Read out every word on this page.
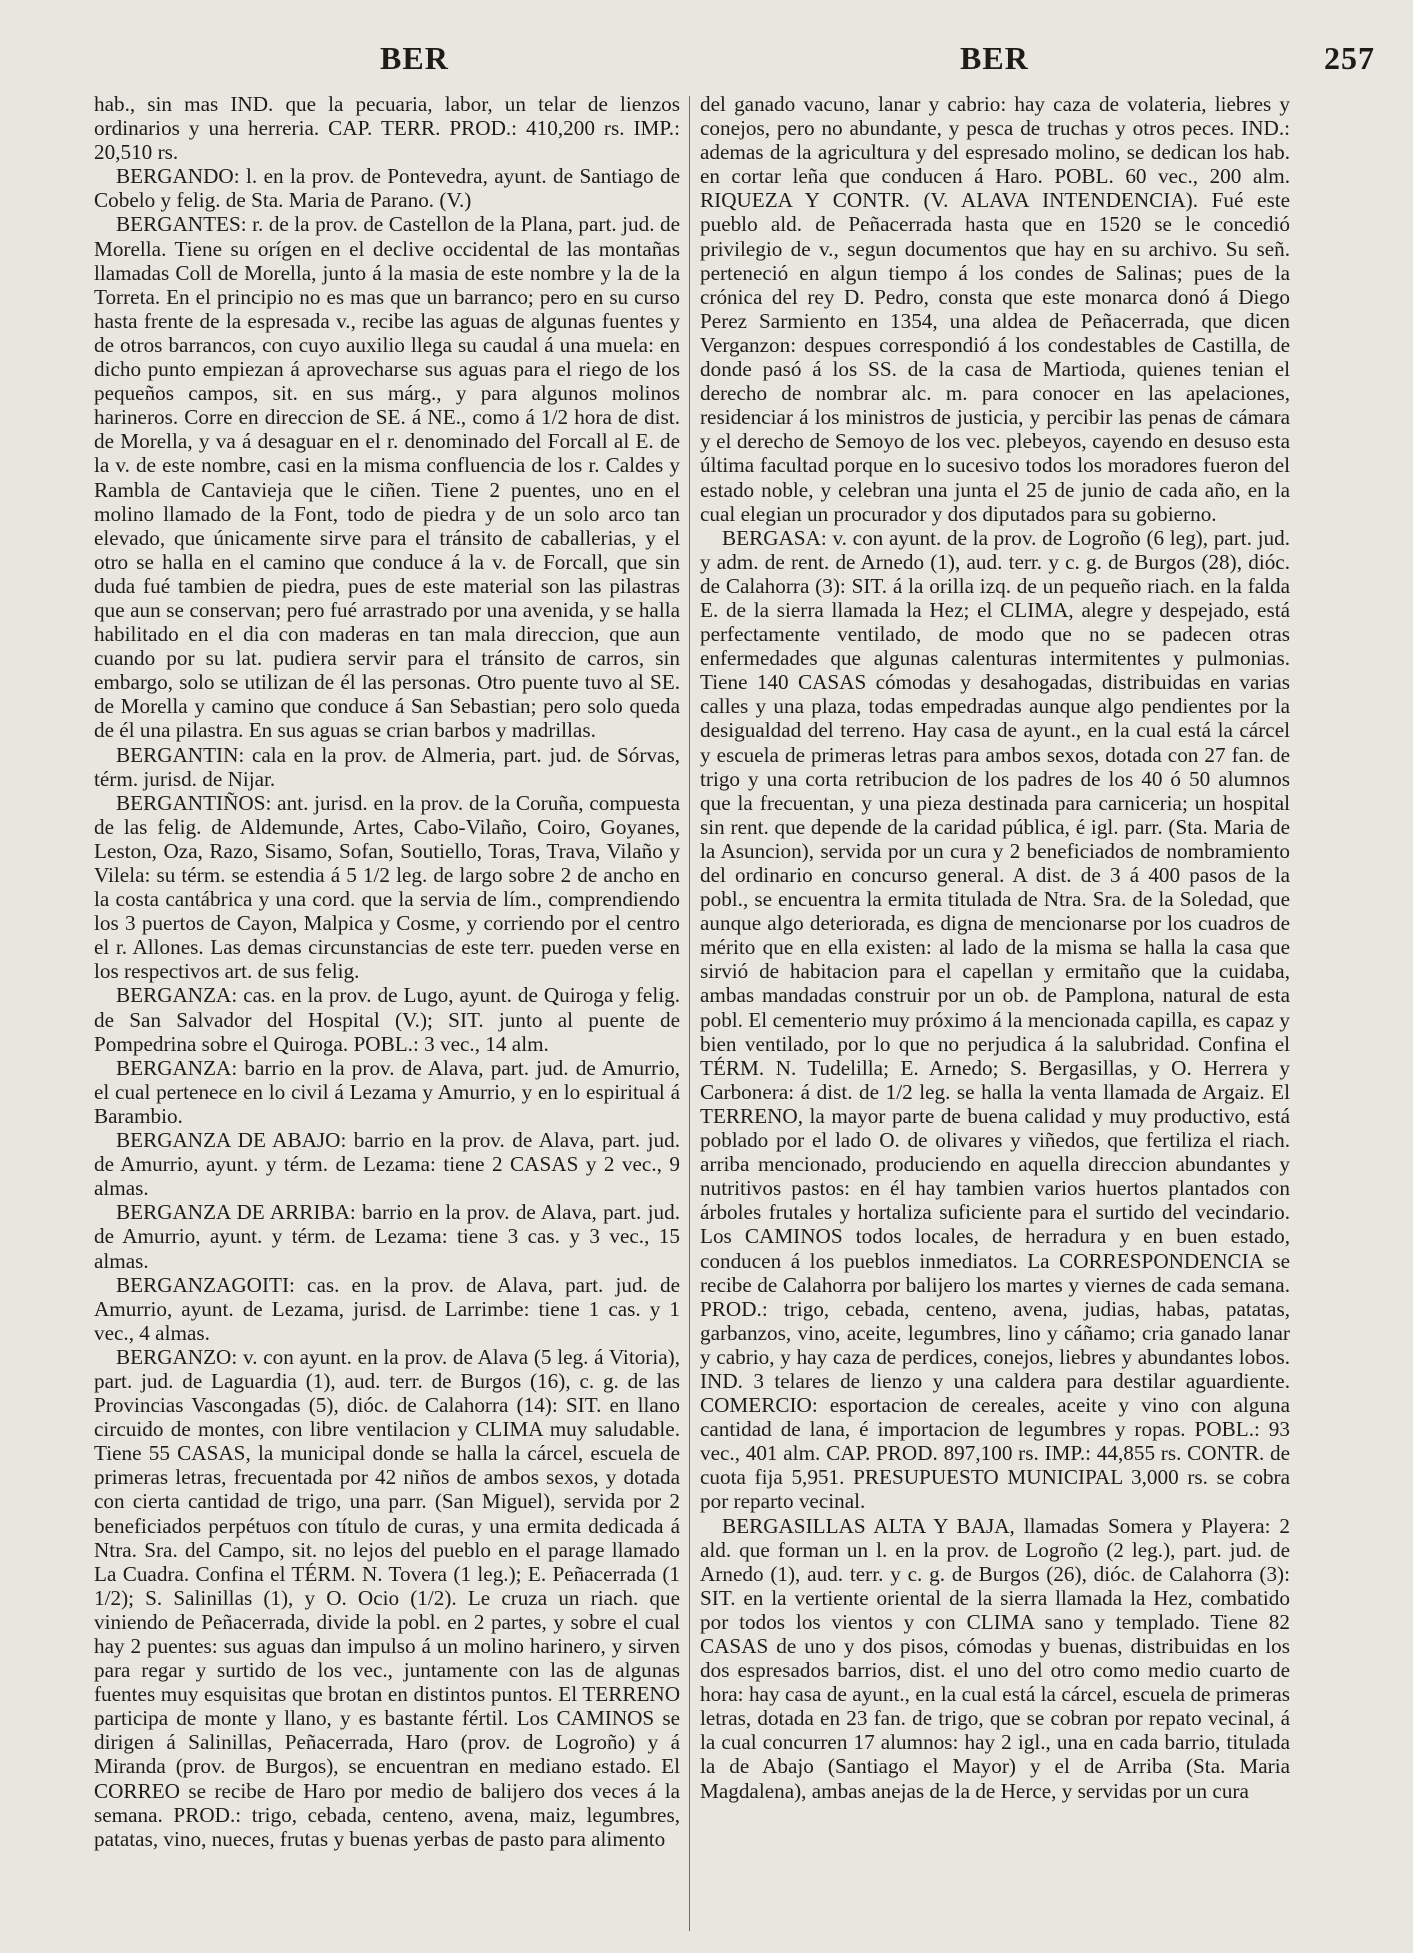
BER	BER	257

hab., sin mas IND. que la pecuaria, labor, un telar de lienzos ordinarios y una herreria. CAP. TERR. PROD.: 410,200 rs. IMP.: 20,510 rs.

BERGANDO: l. en la prov. de Pontevedra, ayunt. de Santiago de Cobelo y felig. de Sta. Maria de Parano. (V.)

BERGANTES: r. de la prov. de Castellon de la Plana, part. jud. de Morella. Tiene su orígen en el declive occidental de las montañas llamadas Coll de Morella, junto á la masia de este nombre y la de la Torreta. En el principio no es mas que un barranco; pero en su curso hasta frente de la espresada v., recibe las aguas de algunas fuentes y de otros barrancos, con cuyo auxilio llega su caudal á una muela: en dicho punto empiezan á aprovecharse sus aguas para el riego de los pequeños campos, sit. en sus márg., y para algunos molinos harineros. Corre en direccion de SE. á NE., como á 1/2 hora de dist. de Morella, y va á desaguar en el r. denominado del Forcall al E. de la v. de este nombre, casi en la misma confluencia de los r. Caldes y Rambla de Cantavieja que le ciñen. Tiene 2 puentes, uno en el molino llamado de la Font, todo de piedra y de un solo arco tan elevado, que únicamente sirve para el tránsito de caballerias, y el otro se halla en el camino que conduce á la v. de Forcall, que sin duda fué tambien de piedra, pues de este material son las pilastras que aun se conservan; pero fué arrastrado por una avenida, y se halla habilitado en el dia con maderas en tan mala direccion, que aun cuando por su lat. pudiera servir para el tránsito de carros, sin embargo, solo se utilizan de él las personas. Otro puente tuvo al SE. de Morella y camino que conduce á San Sebastian; pero solo queda de él una pilastra. En sus aguas se crian barbos y madrillas.

BERGANTIN: cala en la prov. de Almeria, part. jud. de Sórvas, térm. jurisd. de Nijar.

BERGANTIÑOS: ant. jurisd. en la prov. de la Coruña, compuesta de las felig. de Aldemunde, Artes, Cabo-Vilaño, Coiro, Goyanes, Leston, Oza, Razo, Sisamo, Sofan, Soutiello, Toras, Trava, Vilaño y Vilela: su térm. se estendia á 5 1/2 leg. de largo sobre 2 de ancho en la costa cantábrica y una cord. que la servia de lím., comprendiendo los 3 puertos de Cayon, Malpica y Cosme, y corriendo por el centro el r. Allones. Las demas circunstancias de este terr. pueden verse en los respectivos art. de sus felig.

BERGANZA: cas. en la prov. de Lugo, ayunt. de Quiroga y felig. de San Salvador del Hospital (V.); SIT. junto al puente de Pompedrina sobre el Quiroga. POBL.: 3 vec., 14 alm.

BERGANZA: barrio en la prov. de Alava, part. jud. de Amurrio, el cual pertenece en lo civil á Lezama y Amurrio, y en lo espiritual á Barambio.

BERGANZA DE ABAJO: barrio en la prov. de Alava, part. jud. de Amurrio, ayunt. y térm. de Lezama: tiene 2 CASAS y 2 vec., 9 almas.

BERGANZA DE ARRIBA: barrio en la prov. de Alava, part. jud. de Amurrio, ayunt. y térm. de Lezama: tiene 3 cas. y 3 vec., 15 almas.

BERGANZAGOITI: cas. en la prov. de Alava, part. jud. de Amurrio, ayunt. de Lezama, jurisd. de Larrimbe: tiene 1 cas. y 1 vec., 4 almas.

BERGANZO: v. con ayunt. en la prov. de Alava (5 leg. á Vitoria), part. jud. de Laguardia (1), aud. terr. de Burgos (16), c. g. de las Provincias Vascongadas (5), dióc. de Calahorra (14): SIT. en llano circuido de montes, con libre ventilacion y CLIMA muy saludable. Tiene 55 CASAS, la municipal donde se halla la cárcel, escuela de primeras letras, frecuentada por 42 niños de ambos sexos, y dotada con cierta cantidad de trigo, una parr. (San Miguel), servida por 2 beneficiados perpétuos con título de curas, y una ermita dedicada á Ntra. Sra. del Campo, sit. no lejos del pueblo en el parage llamado La Cuadra. Confina el TÉRM. N. Tovera (1 leg.); E. Peñacerrada (1 1/2); S. Salinillas (1), y O. Ocio (1/2). Le cruza un riach. que viniendo de Peñacerrada, divide la pobl. en 2 partes, y sobre el cual hay 2 puentes: sus aguas dan impulso á un molino harinero, y sirven para regar y surtido de los vec., juntamente con las de algunas fuentes muy esquisitas que brotan en distintos puntos. El TERRENO participa de monte y llano, y es bastante fértil. Los CAMINOS se dirigen á Salinillas, Peñacerrada, Haro (prov. de Logroño) y á Miranda (prov. de Burgos), se encuentran en mediano estado. El CORREO se recibe de Haro por medio de balijero dos veces á la semana. PROD.: trigo, cebada, centeno, avena, maiz, legumbres, patatas, vino, nueces, frutas y buenas yerbas de pasto para alimento

del ganado vacuno, lanar y cabrio: hay caza de volateria, liebres y conejos, pero no abundante, y pesca de truchas y otros peces. IND.: ademas de la agricultura y del espresado molino, se dedican los hab. en cortar leña que conducen á Haro. POBL. 60 vec., 200 alm. RIQUEZA Y CONTR. (V. ALAVA INTENDENCIA). Fué este pueblo ald. de Peñacerrada hasta que en 1520 se le concedió privilegio de v., segun documentos que hay en su archivo. Su señ. perteneció en algun tiempo á los condes de Salinas; pues de la crónica del rey D. Pedro, consta que este monarca donó á Diego Perez Sarmiento en 1354, una aldea de Peñacerrada, que dicen Verganzon: despues correspondió á los condestables de Castilla, de donde pasó á los SS. de la casa de Martioda, quienes tenian el derecho de nombrar alc. m. para conocer en las apelaciones, residenciar á los ministros de justicia, y percibir las penas de cámara y el derecho de Semoyo de los vec. plebeyos, cayendo en desuso esta última facultad porque en lo sucesivo todos los moradores fueron del estado noble, y celebran una junta el 25 de junio de cada año, en la cual elegian un procurador y dos diputados para su gobierno.

BERGASA: v. con ayunt. de la prov. de Logroño (6 leg), part. jud. y adm. de rent. de Arnedo (1), aud. terr. y c. g. de Burgos (28), dióc. de Calahorra (3): SIT. á la orilla izq. de un pequeño riach. en la falda E. de la sierra llamada la Hez; el CLIMA, alegre y despejado, está perfectamente ventilado, de modo que no se padecen otras enfermedades que algunas calenturas intermitentes y pulmonias. Tiene 140 CASAS cómodas y desahogadas, distribuidas en varias calles y una plaza, todas empedradas aunque algo pendientes por la desigualdad del terreno. Hay casa de ayunt., en la cual está la cárcel y escuela de primeras letras para ambos sexos, dotada con 27 fan. de trigo y una corta retribucion de los padres de los 40 ó 50 alumnos que la frecuentan, y una pieza destinada para carniceria; un hospital sin rent. que depende de la caridad pública, é igl. parr. (Sta. Maria de la Asuncion), servida por un cura y 2 beneficiados de nombramiento del ordinario en concurso general. A dist. de 3 á 400 pasos de la pobl., se encuentra la ermita titulada de Ntra. Sra. de la Soledad, que aunque algo deteriorada, es digna de mencionarse por los cuadros de mérito que en ella existen: al lado de la misma se halla la casa que sirvió de habitacion para el capellan y ermitaño que la cuidaba, ambas mandadas construir por un ob. de Pamplona, natural de esta pobl. El cementerio muy próximo á la mencionada capilla, es capaz y bien ventilado, por lo que no perjudica á la salubridad. Confina el TÉRM. N. Tudelilla; E. Arnedo; S. Bergasillas, y O. Herrera y Carbonera: á dist. de 1/2 leg. se halla la venta llamada de Argaiz. El TERRENO, la mayor parte de buena calidad y muy productivo, está poblado por el lado O. de olivares y viñedos, que fertiliza el riach. arriba mencionado, produciendo en aquella direccion abundantes y nutritivos pastos: en él hay tambien varios huertos plantados con árboles frutales y hortaliza suficiente para el surtido del vecindario. Los CAMINOS todos locales, de herradura y en buen estado, conducen á los pueblos inmediatos. La CORRESPONDENCIA se recibe de Calahorra por balijero los martes y viernes de cada semana. PROD.: trigo, cebada, centeno, avena, judias, habas, patatas, garbanzos, vino, aceite, legumbres, lino y cáñamo; cria ganado lanar y cabrio, y hay caza de perdices, conejos, liebres y abundantes lobos. IND. 3 telares de lienzo y una caldera para destilar aguardiente. COMERCIO: esportacion de cereales, aceite y vino con alguna cantidad de lana, é importacion de legumbres y ropas. POBL.: 93 vec., 401 alm. CAP. PROD. 897,100 rs. IMP.: 44,855 rs. CONTR. de cuota fija 5,951. PRESUPUESTO MUNICIPAL 3,000 rs. se cobra por reparto vecinal.

BERGASILLAS ALTA Y BAJA, llamadas Somera y Playera: 2 ald. que forman un l. en la prov. de Logroño (2 leg.), part. jud. de Arnedo (1), aud. terr. y c. g. de Burgos (26), dióc. de Calahorra (3): SIT. en la vertiente oriental de la sierra llamada la Hez, combatido por todos los vientos y con CLIMA sano y templado. Tiene 82 CASAS de uno y dos pisos, cómodas y buenas, distribuidas en los dos espresados barrios, dist. el uno del otro como medio cuarto de hora: hay casa de ayunt., en la cual está la cárcel, escuela de primeras letras, dotada en 23 fan. de trigo, que se cobran por repato vecinal, á la cual concurren 17 alumnos: hay 2 igl., una en cada barrio, titulada la de Abajo (Santiago el Mayor) y el de Arriba (Sta. Maria Magdalena), ambas anejas de la de Herce, y servidas por un cura
